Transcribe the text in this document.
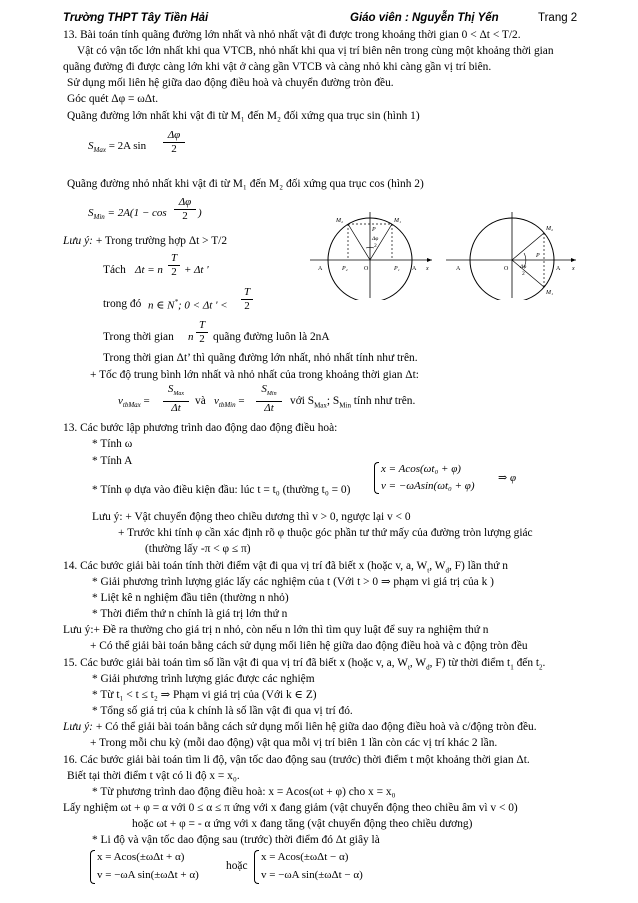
Trường THPT Tây Tiền Hải	Giáo viên : Nguyễn Thị Yến	Trang 2
13. Bài toán tính quãng đường lớn nhất và nhỏ nhất vật đi được trong khoảng thời gian 0 < Δt < T/2.
Vật có vận tốc lớn nhất khi qua VTCB, nhỏ nhất khi qua vị trí biên nên trong cùng một khoảng thời gian
quãng đường đi được càng lớn khi vật ở càng gần VTCB và càng nhỏ khi càng gần vị trí biên.
Sử dụng mối liên hệ giữa dao động điều hoà và chuyển đường tròn đều.
Góc quét Δφ = ωΔt.
Quãng đường lớn nhất khi vật đi từ M₁ đến M₂ đối xứng qua trục sin (hình 1)
$S_{Max} = 2A$ sin
Δφ
2
Quãng đường nhỏ nhất khi vật đi từ M₁ đến M₂ đối xứng qua trục cos (hình 2)
$S_{Min} = 2A(1 - \cos$
Δφ
2 )
Lưu ý: + Trong trường hợp Δt > T/2
Tách Δt = n
T
2 + Δt '
trong đó n ∈ N*; 0 < Δt ' <
T
2
Trong thời gian n
T
2 quãng đường luôn là 2nA
Trong thời gian Δt’ thì quãng đường lớn nhất, nhỏ nhất tính như trên.
+ Tốc độ trung bình lớn nhất và nhỏ nhất của trong khoảng thời gian Δt:
$v_{tbMax}$ =
$S_{Max}$
Δt
và $v_{tbMin}$ =
$S_{Min}$
Δt
với $S_{Max}$; $S_{Min}$ tính như trên.
13. Các bước lập phương trình dao động dao động điều hoà:
* Tính ω
* Tính A
* Tính φ dựa vào điều kiện đầu: lúc t = t₀ (thường t₀ = 0)
x = Acos(ωt₀ + φ)
v = −ωAsin(ωt₀ + φ)
⇒ φ
Lưu ý: + Vật chuyển động theo chiều dương thì v > 0, ngược lại v < 0
+ Trước khi tính φ cần xác định rõ φ thuộc góc phần tư thứ mấy của đường tròn lượng giác
(thường lấy -π < φ ≤ π)
14. Các bước giải bài toán tính thời điểm vật đi qua vị trí đã biết x (hoặc v, a, $W_t$, $W_đ$, F) lần thứ n
* Giải phương trình lượng giác lấy các nghiệm của t (Với t > 0 ⇒ phạm vi giá trị của k )
* Liệt kê n nghiệm đầu tiên (thường n nhỏ)
* Thời điểm thứ n chính là giá trị lớn thứ n
Lưu ý:+ Đề ra thường cho giá trị n nhỏ, còn nếu n lớn thì tìm quy luật để suy ra nghiệm thứ n
+ Có thể giải bài toán bằng cách sử dụng mối liên hệ giữa dao động điều hoà và c động tròn đều
15. Các bước giải bài toán tìm số lần vật đi qua vị trí đã biết x (hoặc v, a, $W_t$, $W_đ$, F) từ thời điểm $t_1$ đến $t_2$.
* Giải phương trình lượng giác được các nghiệm
* Từ t₁ < t ≤ t₂ ⇒ Phạm vi giá trị của (Với k ∈ Z)
* Tổng số giá trị của k chính là số lần vật đi qua vị trí đó.
Lưu ý: + Có thể giải bài toán bằng cách sử dụng mối liên hệ giữa dao động điều hoà và c/động tròn đều.
+ Trong mỗi chu kỳ (mỗi dao động) vật qua mỗi vị trí biên 1 lần còn các vị trí khác 2 lần.
16. Các bước giải bài toán tìm li độ, vận tốc dao động sau (trước) thời điểm t một khoảng thời gian Δt.
Biết tại thời điểm t vật có li độ x = x₀.
* Từ phương trình dao động điều hoà: x = Acos(ωt + φ) cho x = x₀
Lấy nghiệm ωt + φ = α với 0 ≤ α ≤ π ứng với x đang giảm (vật chuyển động theo chiều âm vì v < 0)
hoặc ωt + φ = - α ứng với x đang tăng (vật chuyển động theo chiều dương)
* Li độ và vận tốc dao động sau (trước) thời điểm đó Δt giây là
x = Acos(±ωΔt + α)
v = −ωA sin(±ωΔt + α)
hoặc
x = Acos(±ωΔt − α)
v = −ωA sin(±ωΔt − α)
M₂	M₁
P
Δφ
2
A	P₂	O	P₁ A x
M₂
A	O Δφ
2
P
A x
M₁
